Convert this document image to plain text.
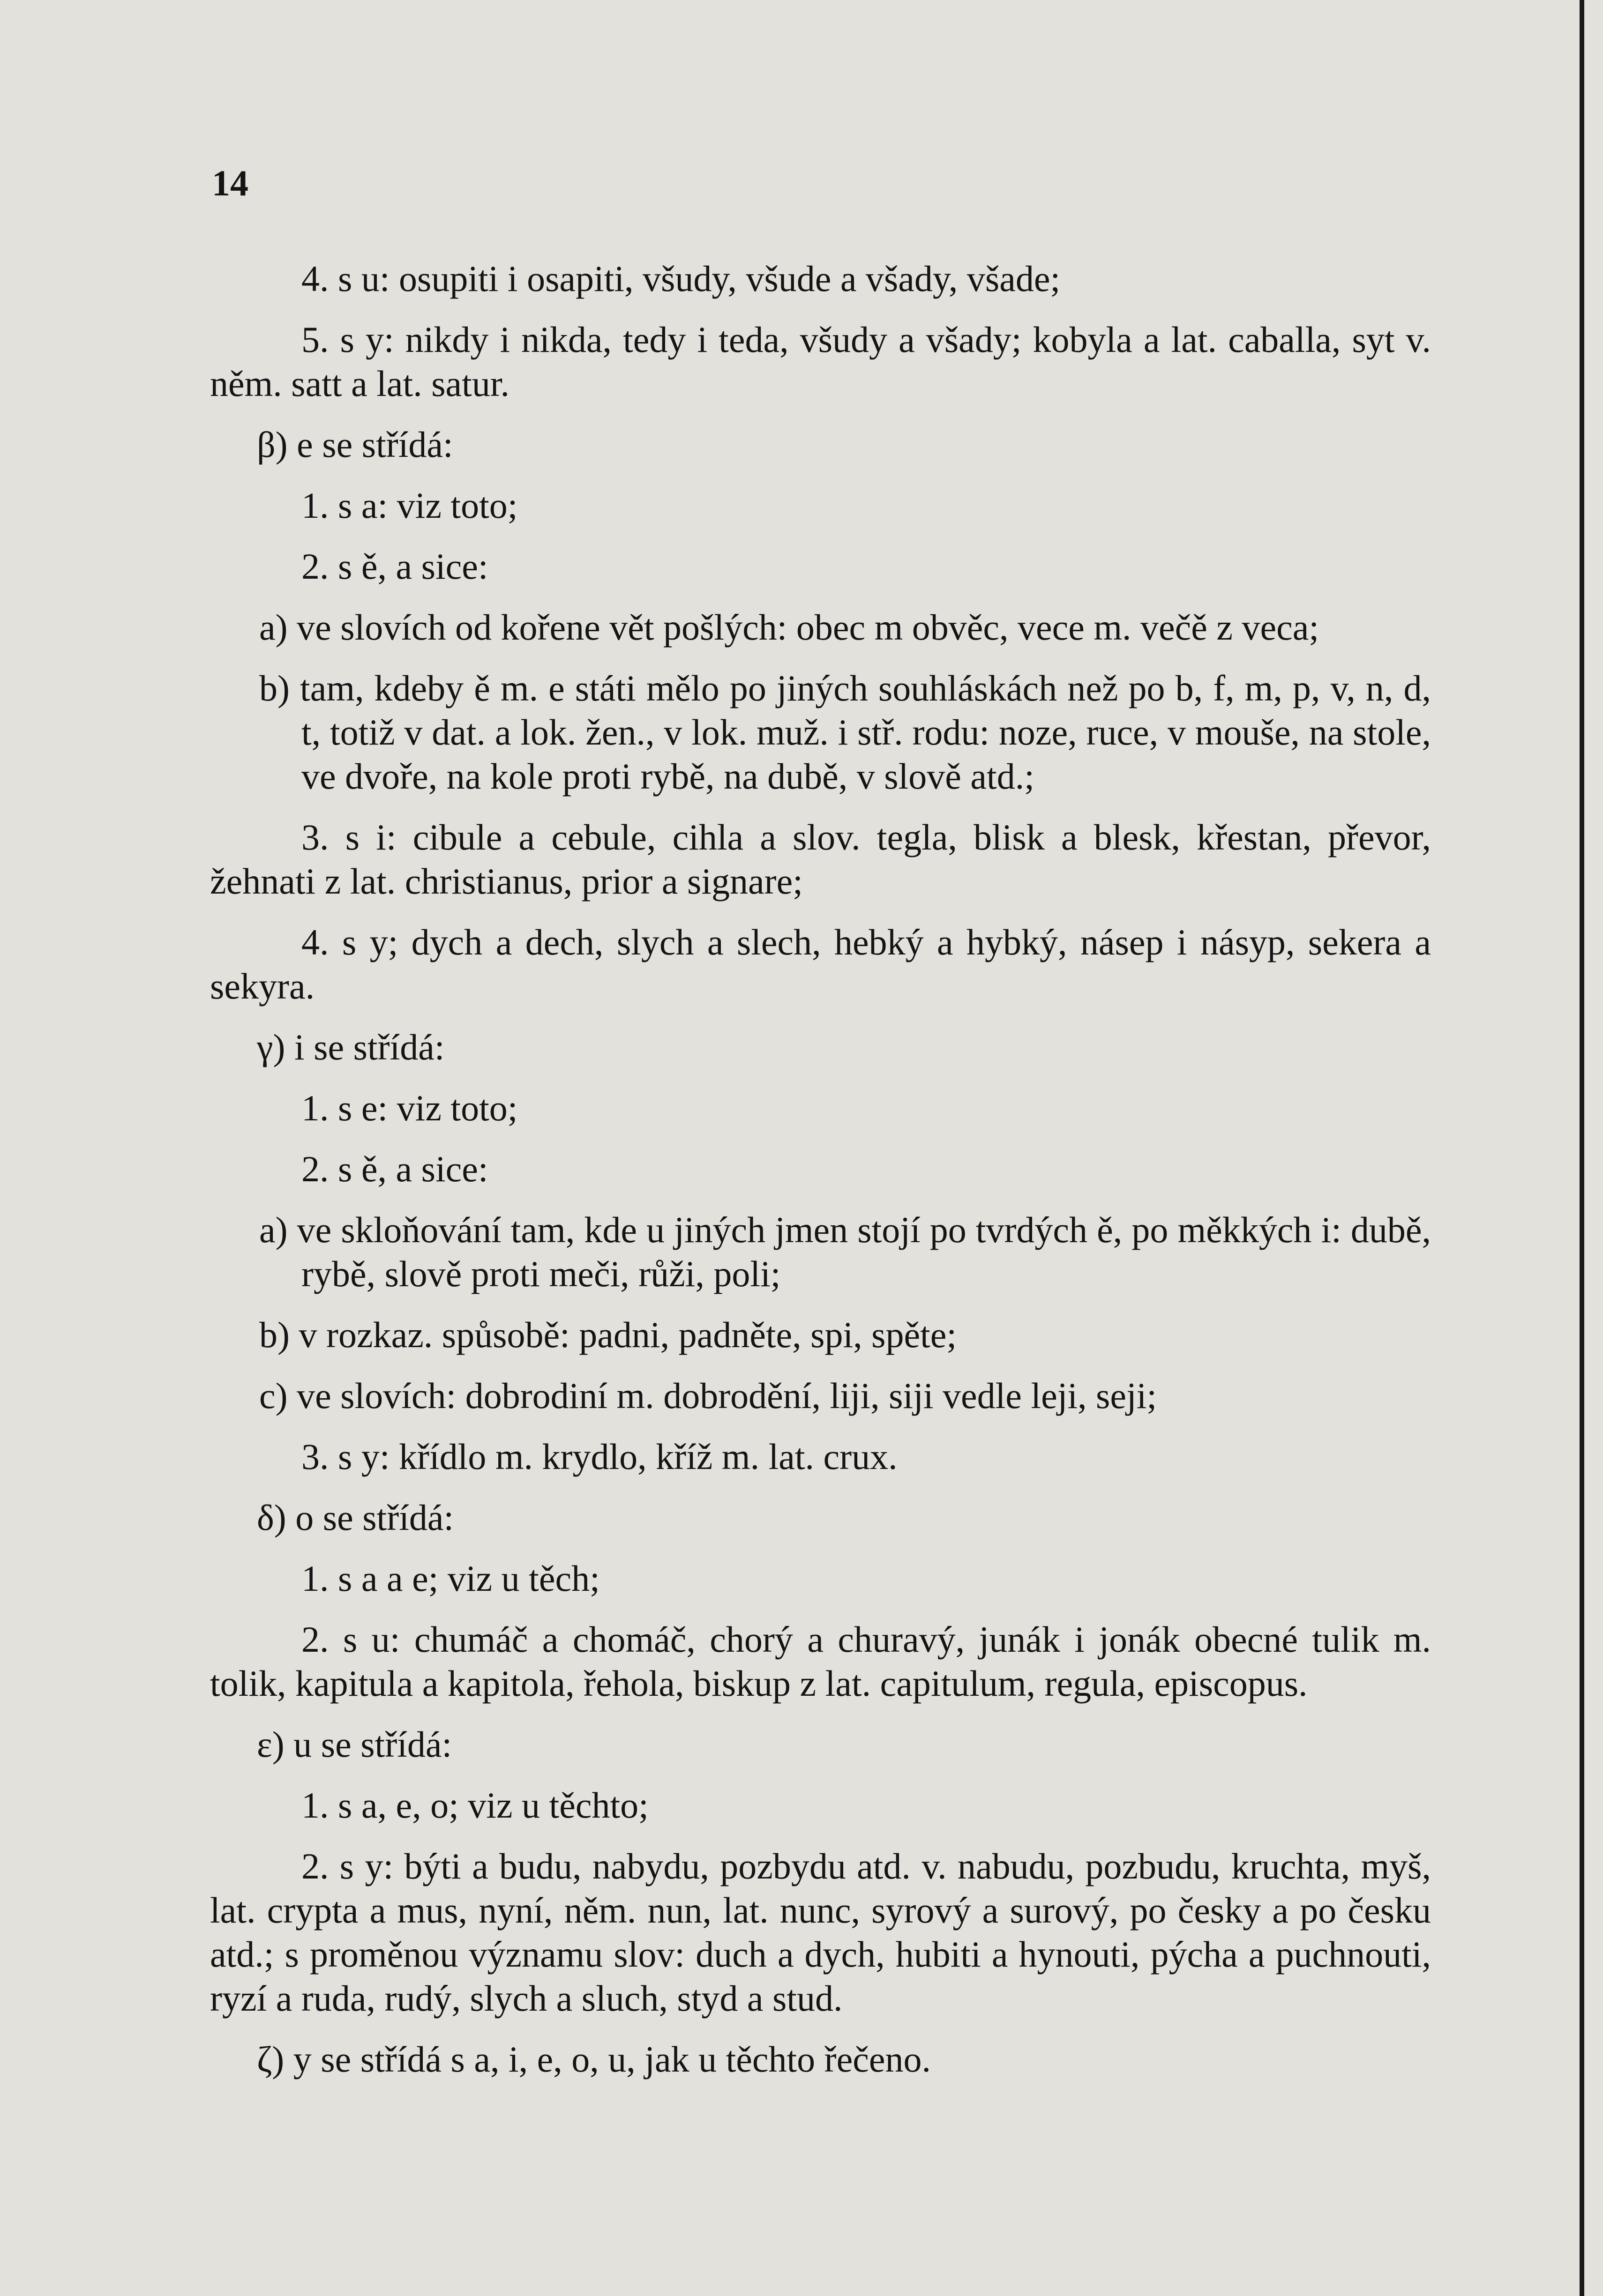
14

4. s u: osupiti i osapiti, všudy, všude a všady, všade;

5. s y: nikdy i nikda, tedy i teda, všudy a všady; kobyla a lat. caballa, syt v. něm. satt a lat. satur.

β) e se střídá:

1. s a: viz toto;

2. s ě, a sice:

a) ve slovích od kořene vět pošlých: obec m obvěc, vece m. večě z veca;

b) tam, kdeby ě m. e státi mělo po jiných souhláskách než po b, f, m, p, v, n, d, t, totiž v dat. a lok. žen., v lok. muž. i stř. rodu: noze, ruce, v mouše, na stole, ve dvoře, na kole proti rybě, na dubě, v slově atd.;

3. s i: cibule a cebule, cihla a slov. tegla, blisk a blesk, křestan, převor, žehnati z lat. christianus, prior a signare;

4. s y; dych a dech, slych a slech, hebký a hybký, násep i násyp, sekera a sekyra.

γ) i se střídá:

1. s e: viz toto;

2. s ě, a sice:

a) ve skloňování tam, kde u jiných jmen stojí po tvrdých ě, po měkkých i: dubě, rybě, slově proti meči, růži, poli;

b) v rozkaz. spůsobě: padni, padněte, spi, spěte;

c) ve slovích: dobrodiní m. dobrodění, liji, siji vedle leji, seji;

3. s y: křídlo m. krydlo, kříž m. lat. crux.

δ) o se střídá:

1. s a a e; viz u těch;

2. s u: chumáč a chomáč, chorý a churavý, junák i jonák obecné tulik m. tolik, kapitula a kapitola, řehola, biskup z lat. capitulum, regula, episcopus.

ε) u se střídá:

1. s a, e, o; viz u těchto;

2. s y: býti a budu, nabydu, pozbydu atd. v. nabudu, pozbudu, kruchta, myš, lat. crypta a mus, nyní, něm. nun, lat. nunc, syrový a surový, po česky a po česku atd.; s proměnou významu slov: duch a dych, hubiti a hynouti, pýcha a puchnouti, ryzí a ruda, rudý, slych a sluch, styd a stud.

ζ) y se střídá s a, i, e, o, u, jak u těchto řečeno.
